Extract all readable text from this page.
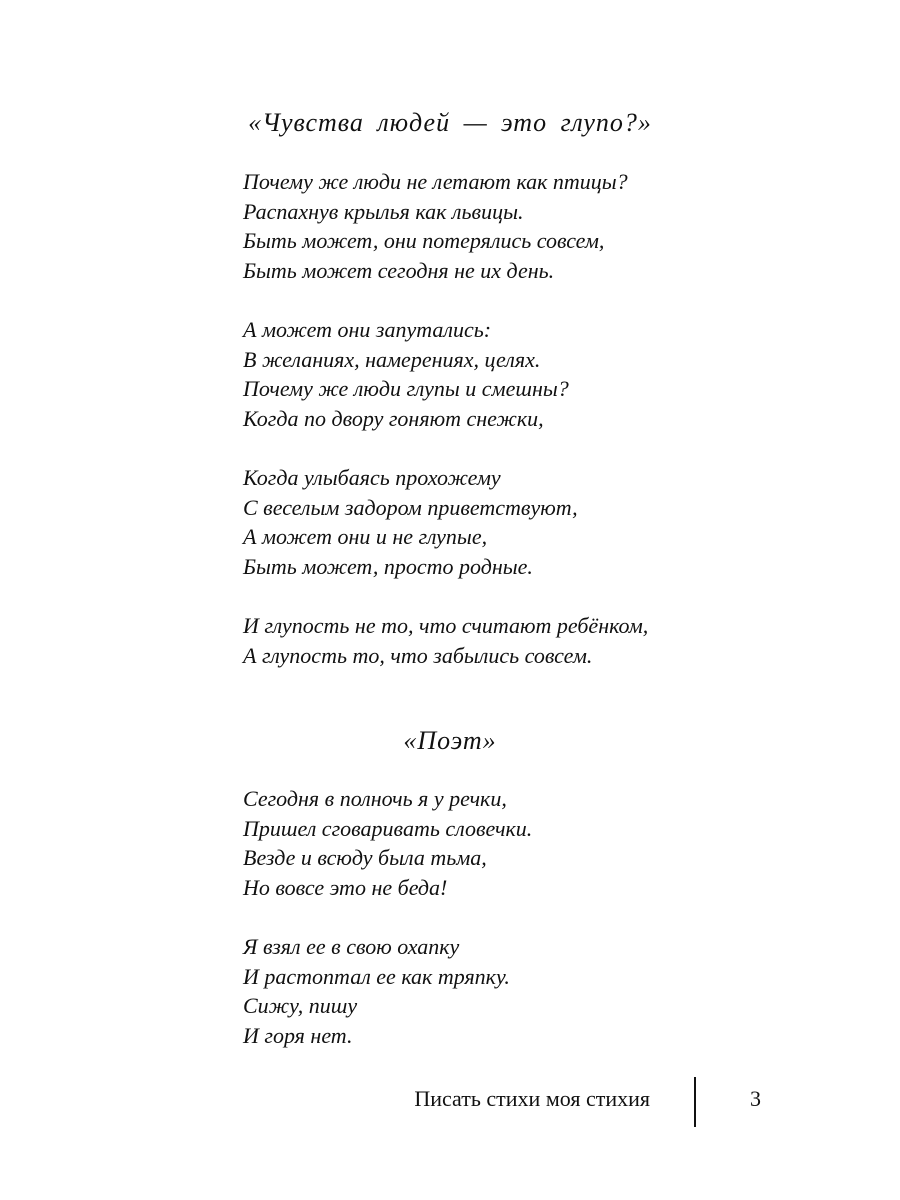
«Чувства людей — это глупо?»
Почему же люди не летают как птицы?
Распахнув крылья как львицы.
Быть может, они потерялись совсем,
Быть может сегодня не их день.
А может они запутались:
В желаниях, намерениях, целях.
Почему же люди глупы и смешны?
Когда по двору гоняют снежки,
Когда улыбаясь прохожему
С веселым задором приветствуют,
А может они и не глупые,
Быть может, просто родные.
И глупость не то, что считают ребёнком,
А глупость то, что забылись совсем.
«Поэт»
Сегодня в полночь я у речки,
Пришел сговаривать словечки.
Везде и всюду была тьма,
Но вовсе это не беда!
Я взял ее в свою охапку
И растоптал ее как тряпку.
Сижу, пишу
И горя нет.
Писать стихи моя стихия	3
